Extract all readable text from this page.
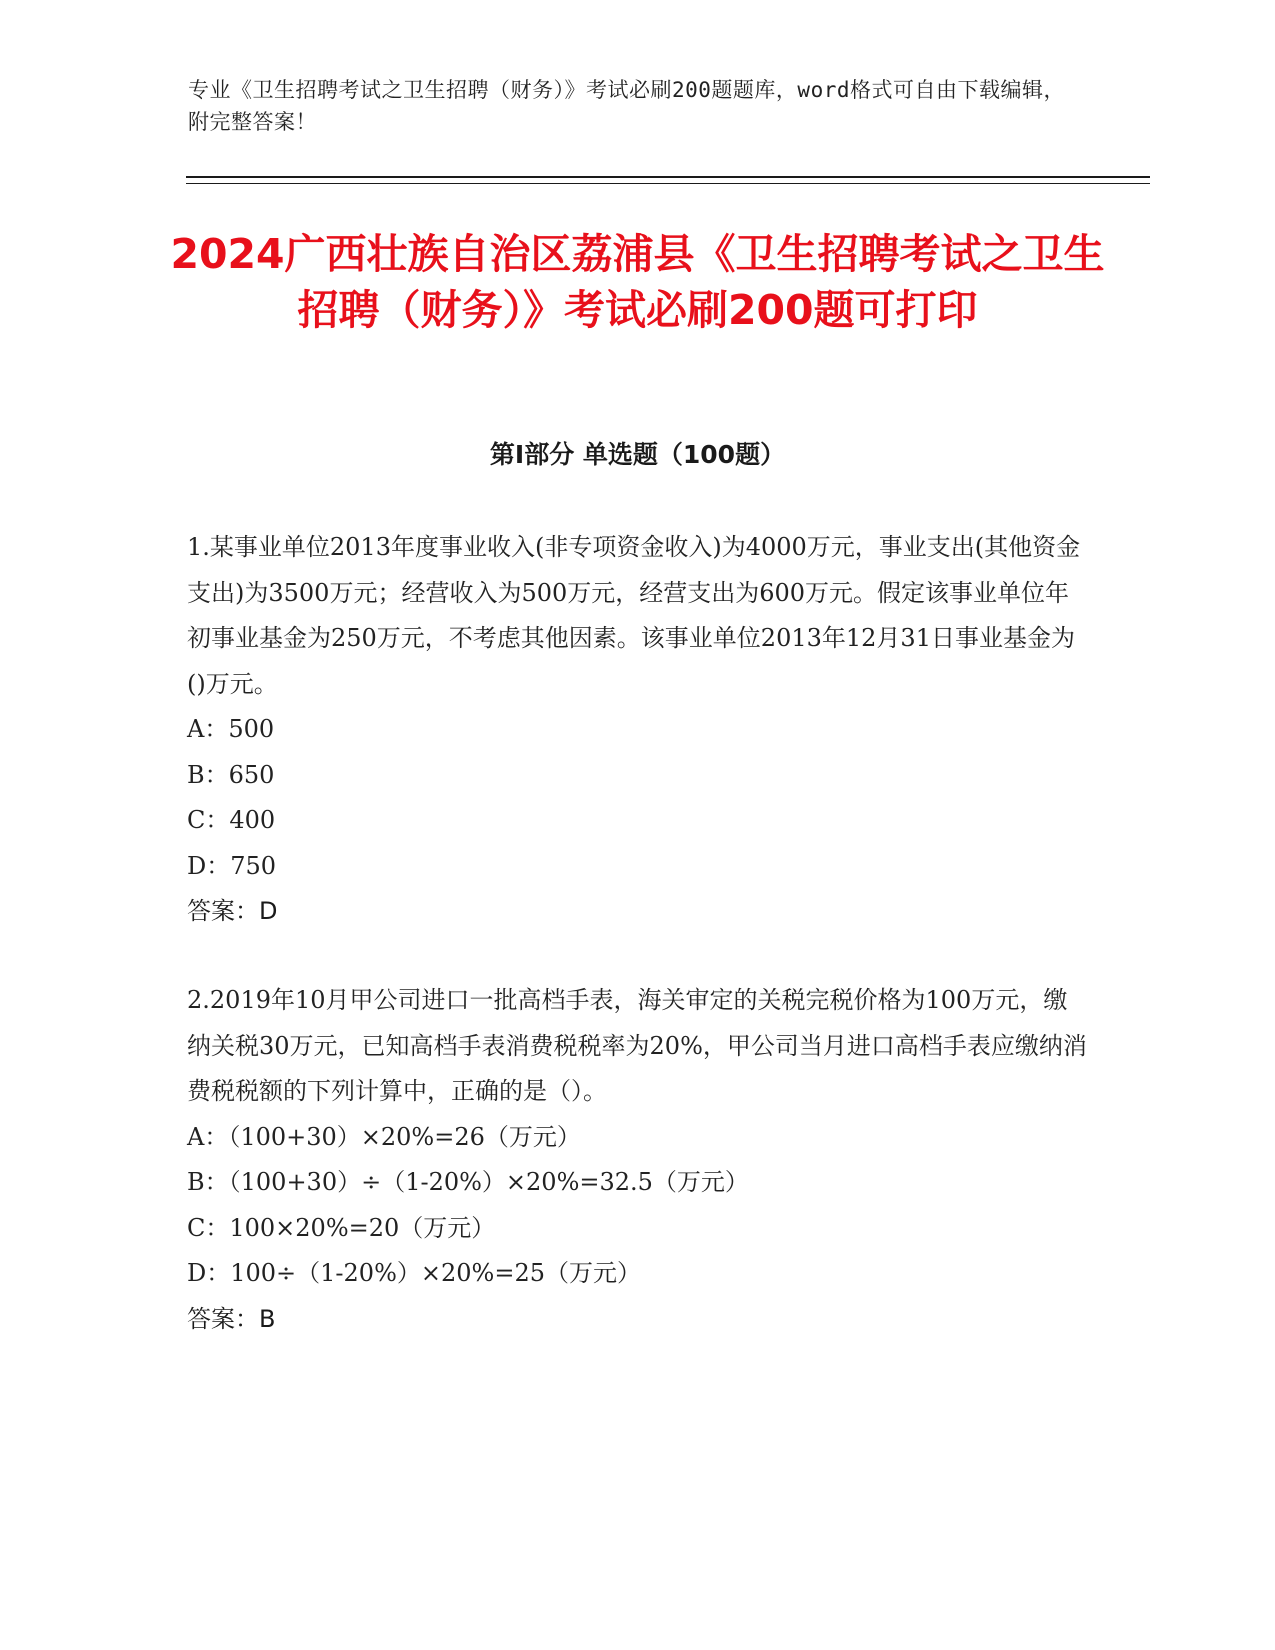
专业《卫生招聘考试之卫生招聘（财务）》考试必刷200题题库，word格式可自由下载编辑，附完整答案！
2024广西壮族自治区荔浦县《卫生招聘考试之卫生招聘（财务）》考试必刷200题可打印
第Ⅰ部分 单选题（100题）

1.某事业单位2013年度事业收入(非专项资金收入)为4000万元，事业支出(其他资金支出)为3500万元；经营收入为500万元，经营支出为600万元。假定该事业单位年初事业基金为250万元，不考虑其他因素。该事业单位2013年12月31日事业基金为()万元。

A：500

B：650

C：400

D：750

答案：D

2.2019年10月甲公司进口一批高档手表，海关审定的关税完税价格为100万元，缴纳关税30万元，已知高档手表消费税税率为20%，甲公司当月进口高档手表应缴纳消费税税额的下列计算中，正确的是（）。

A：（100+30）×20%=26（万元）

B：（100+30）÷（1-20%）×20%=32.5（万元）

C：100×20%=20（万元）

D：100÷（1-20%）×20%=25（万元）

答案：B
